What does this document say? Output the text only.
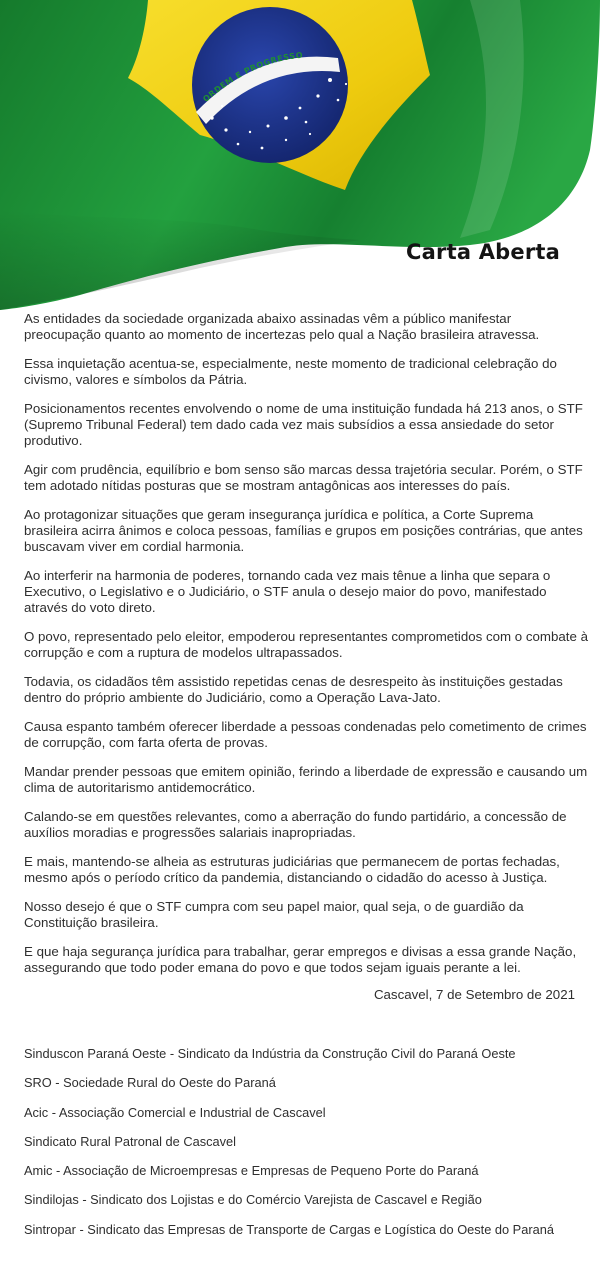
ORDEM E PROGRESSO
Carta Aberta

As entidades da sociedade organizada abaixo assinadas vêm a público manifestar preocupação quanto ao momento de incertezas pelo qual a Nação brasileira atravessa.

Essa inquietação acentua-se, especialmente, neste momento de tradicional celebração do civismo, valores e símbolos da Pátria.

Posicionamentos recentes envolvendo o nome de uma instituição fundada há 213 anos, o STF (Supremo Tribunal Federal) tem dado cada vez mais subsídios a essa ansiedade do setor produtivo.

Agir com prudência, equilíbrio e bom senso são marcas dessa trajetória secular. Porém, o STF tem adotado nítidas posturas que se mostram antagônicas aos interesses do país.

Ao protagonizar situações que geram insegurança jurídica e política, a Corte Suprema brasileira acirra ânimos e coloca pessoas, famílias e grupos em posições contrárias, que antes buscavam viver em cordial harmonia.

Ao interferir na harmonia de poderes, tornando cada vez mais tênue a linha que separa o Executivo, o Legislativo e o Judiciário, o STF anula o desejo maior do povo, manifestado através do voto direto.

O povo, representado pelo eleitor, empoderou representantes comprometidos com o combate à corrupção e com a ruptura de modelos ultrapassados.

Todavia, os cidadãos têm assistido repetidas cenas de desrespeito às instituições gestadas dentro do próprio ambiente do Judiciário, como a Operação Lava-Jato.

Causa espanto também oferecer liberdade a pessoas condenadas pelo cometimento de crimes de corrupção, com farta oferta de provas.

Mandar prender pessoas que emitem opinião, ferindo a liberdade de expressão e causando um clima de autoritarismo antidemocrático.

Calando-se em questões relevantes, como a aberração do fundo partidário, a concessão de auxílios moradias e progressões salariais inapropriadas.

E mais, mantendo-se alheia as estruturas judiciárias que permanecem de portas fechadas, mesmo após o período crítico da pandemia, distanciando o cidadão do acesso à Justiça.

Nosso desejo é que o STF cumpra com seu papel maior, qual seja, o de guardião da Constituição brasileira.

E que haja segurança jurídica para trabalhar, gerar empregos e divisas a essa grande Nação, assegurando que todo poder emana do povo e que todos sejam iguais perante a lei.

Cascavel, 7 de Setembro de 2021

Sinduscon Paraná Oeste - Sindicato da Indústria da Construção Civil do Paraná Oeste
SRO - Sociedade Rural do Oeste do Paraná
Acic - Associação Comercial e Industrial de Cascavel
Sindicato Rural Patronal de Cascavel
Amic - Associação de Microempresas e Empresas de Pequeno Porte do Paraná
Sindilojas - Sindicato dos Lojistas e do Comércio Varejista de Cascavel e Região
Sintropar - Sindicato das Empresas de Transporte de Cargas e Logística do Oeste do Paraná
